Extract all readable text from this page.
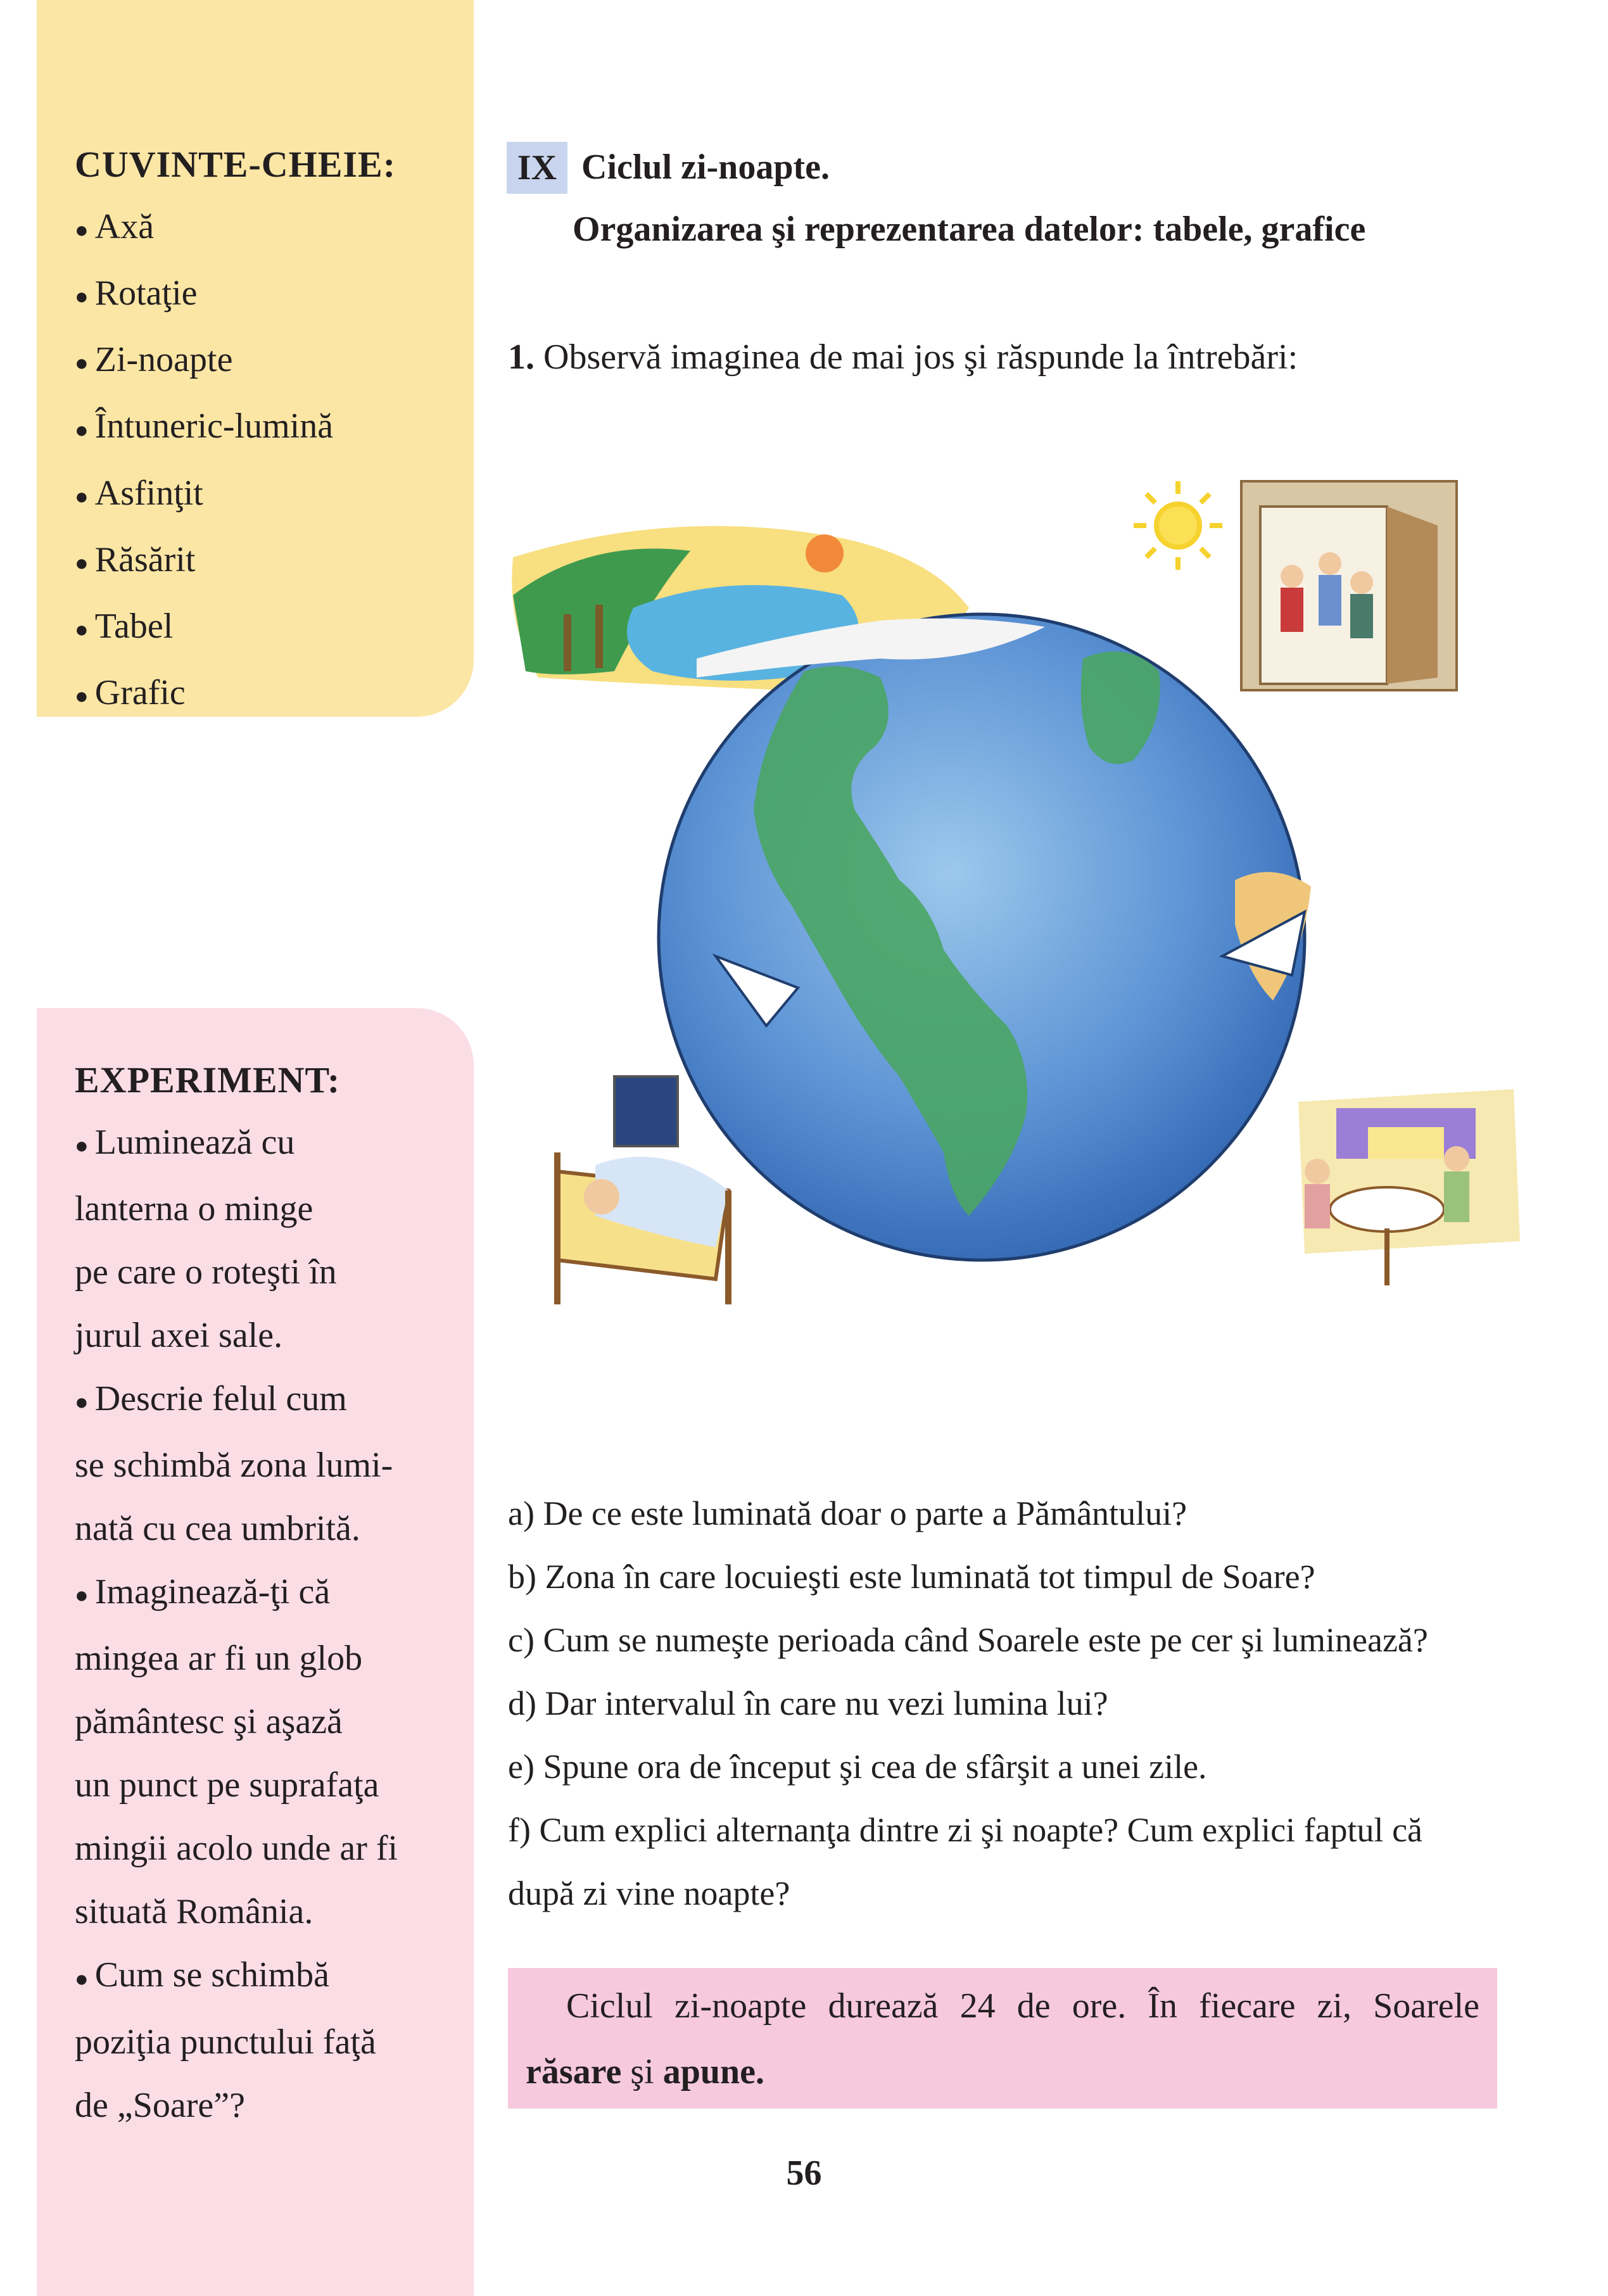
CUVINTE-CHEIE:
● Axă
● Rotaţie
● Zi-noapte
● Întuneric-lumină
● Asfinţit
● Răsărit
● Tabel
● Grafic
EXPERIMENT:
● Luminează cu
lanterna o minge
pe care o roteşti în
jurul axei sale.
● Descrie felul cum
se schimbă zona lumi-
nată cu cea umbrită.
● Imaginează-ţi că
mingea ar fi un glob
pământesc şi aşază
un punct pe suprafaţa
mingii acolo unde ar fi
situată România.
● Cum se schimbă
poziţia punctului faţă
de „Soare”?
IX Ciclul zi-noapte.
Organizarea şi reprezentarea datelor: tabele, grafice
1. Observă imaginea de mai jos şi răspunde la întrebări:
a) De ce este luminată doar o parte a Pământului?
b) Zona în care locuieşti este luminată tot timpul de Soare?
c) Cum se numeşte perioada când Soarele este pe cer şi luminează?
d) Dar intervalul în care nu vezi lumina lui?
e) Spune ora de început şi cea de sfârşit a unei zile.
f) Cum explici alternanţa dintre zi şi noapte? Cum explici faptul că
după zi vine noapte?

Ciclul zi-noapte durează 24 de ore. În fiecare zi, Soarele

răsare şi apune.

56
